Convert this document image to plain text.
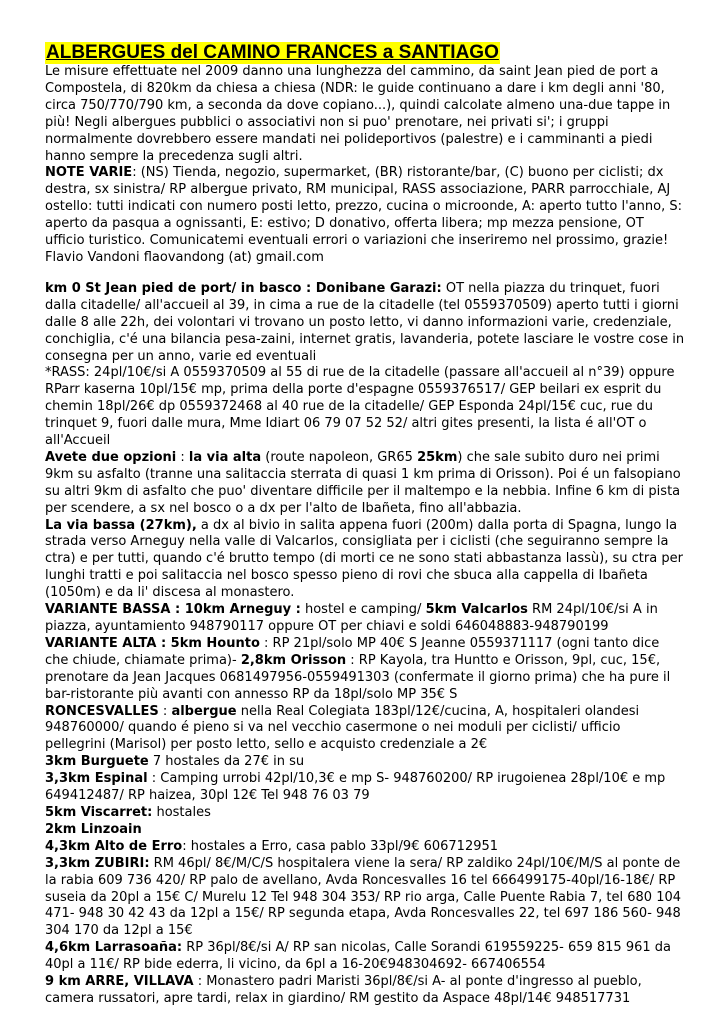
ALBERGUES del CAMINO FRANCES a SANTIAGO

Le misure effettuate nel 2009 danno una lunghezza del cammino, da saint Jean pied de port a Compostela, di 820km da chiesa a chiesa (NDR: le guide continuano a dare i km degli anni '80, circa 750/770/790 km, a seconda da dove copiano...), quindi calcolate almeno una-due tappe in più! Negli albergues pubblici o associativi non si puo' prenotare, nei privati si'; i gruppi normalmente dovrebbero essere mandati nei polideportivos (palestre) e i camminanti a piedi hanno sempre la precedenza sugli altri.

NOTE VARIE: (NS) Tienda, negozio, supermarket, (BR) ristorante/bar, (C) buono per ciclisti; dx destra, sx sinistra/ RP albergue privato, RM municipal, RASS associazione, PARR parrocchiale, AJ ostello: tutti indicati con numero posti letto, prezzo, cucina o microonde, A: aperto tutto l'anno, S: aperto da pasqua a ognissanti, E: estivo; D donativo, offerta libera; mp mezza pensione, OT ufficio turistico. Comunicatemi eventuali errori o variazioni che inseriremo nel prossimo, grazie! Flavio Vandoni flaovandong (at) gmail.com

km 0 St Jean pied de port/ in basco : Donibane Garazi: OT nella piazza du trinquet, fuori dalla citadelle/ all'accueil al 39, in cima a rue de la citadelle (tel 0559370509) aperto tutti i giorni dalle 8 alle 22h, dei volontari vi trovano un posto letto, vi danno informazioni varie, credenziale, conchiglia, c'é una bilancia pesa-zaini, internet gratis, lavanderia, potete lasciare le vostre cose in consegna per un anno, varie ed eventuali

*RASS: 24pl/10€/si A 0559370509 al 55 di rue de la citadelle (passare all'accueil al n°39) oppure RParr kaserna 10pl/15€ mp, prima della porte d'espagne 0559376517/ GEP beilari ex esprit du chemin 18pl/26€ dp 0559372468 al 40 rue de la citadelle/ GEP Esponda 24pl/15€ cuc, rue du trinquet 9, fuori dalle mura, Mme Idiart 06 79 07 52 52/ altri gites presenti, la lista é all'OT o all'Accueil

Avete due opzioni : la via alta (route napoleon, GR65 25km) che sale subito duro nei primi 9km su asfalto (tranne una salitaccia sterrata di quasi 1 km prima di Orisson). Poi é un falsopiano su altri 9km di asfalto che puo' diventare difficile per il maltempo e la nebbia. Infine 6 km di pista per scendere, a sx nel bosco o a dx per l'alto de Ibañeta, fino all'abbazia.

La via bassa (27km), a dx al bivio in salita appena fuori (200m) dalla porta di Spagna, lungo la strada verso Arneguy nella valle di Valcarlos, consigliata per i ciclisti (che seguiranno sempre la ctra) e per tutti, quando c'é brutto tempo (di morti ce ne sono stati abbastanza lassù), su ctra per lunghi tratti e poi salitaccia nel bosco spesso pieno di rovi che sbuca alla cappella di Ibañeta (1050m) e da li' discesa al monastero.

VARIANTE BASSA : 10km Arneguy : hostel e camping/ 5km Valcarlos RM 24pl/10€/si A in piazza, ayuntamiento 948790117 oppure OT per chiavi e soldi 646048883-948790199

VARIANTE ALTA : 5km Hounto : RP 21pl/solo MP 40€ S Jeanne 0559371117 (ogni tanto dice che chiude, chiamate prima)- 2,8km Orisson : RP Kayola, tra Huntto e Orisson, 9pl, cuc, 15€, prenotare da Jean Jacques 0681497956-0559491303 (confermate il giorno prima) che ha pure il bar-ristorante più avanti con annesso RP da 18pl/solo MP 35€ S

RONCESVALLES : albergue nella Real Colegiata 183pl/12€/cucina, A, hospitaleri olandesi 948760000/ quando é pieno si va nel vecchio casermone o nei moduli per ciclisti/ ufficio pellegrini (Marisol) per posto letto, sello e acquisto credenziale a 2€

3km Burguete 7 hostales da 27€ in su

3,3km Espinal : Camping urrobi 42pl/10,3€ e mp S- 948760200/ RP irugoienea 28pl/10€ e mp 649412487/ RP haizea, 30pl 12€ Tel 948 76 03 79

5km Viscarret: hostales

2km Linzoain

4,3km Alto de Erro: hostales a Erro, casa pablo 33pl/9€ 606712951

3,3km ZUBIRI: RM 46pl/ 8€/M/C/S hospitalera viene la sera/ RP zaldiko 24pl/10€/M/S al ponte de la rabia 609 736 420/ RP palo de avellano, Avda Roncesvalles 16 tel 666499175-40pl/16-18€/ RP suseia da 20pl a 15€ C/ Murelu 12 Tel 948 304 353/ RP rio arga, Calle Puente Rabia 7, tel 680 104 471- 948 30 42 43 da 12pl a 15€/ RP segunda etapa, Avda Roncesvalles 22, tel 697 186 560- 948 304 170 da 12pl a 15€

4,6km Larrasoaña: RP 36pl/8€/si A/ RP san nicolas, Calle Sorandi 619559225- 659 815 961 da 40pl a 11€/ RP bide ederra, li vicino, da 6pl a 16-20€948304692- 667406554

9 km ARRE, VILLAVA : Monastero padri Maristi 36pl/8€/si A- al ponte d'ingresso al pueblo, camera russatori, apre tardi, relax in giardino/ RM gestito da Aspace 48pl/14€ 948517731
